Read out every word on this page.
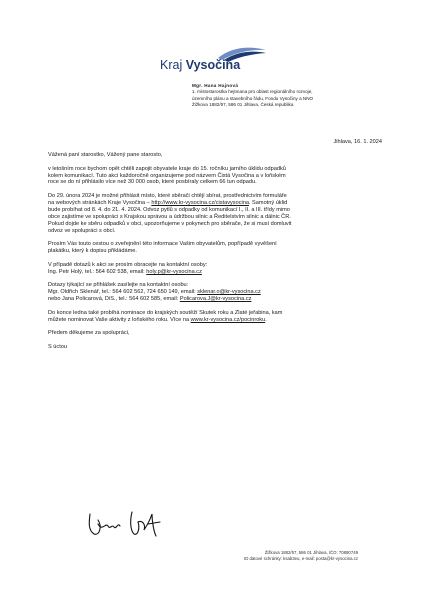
Kraj Vysočina
Mgr. Hana Hajnová
1. místostarostka hejtmana pro oblast regionálního rozvoje,
územního plánu a stavebního řádu, Fondu Vysočiny a NNO
Žižkova 1882/57, 586 01 Jihlava, Česká republika
Jihlava, 16. 1. 2024

Vážená paní starostko, Vážený pane starosto,

v letošním roce bychom opět chtěli zapojit obyvatele kraje do 15. ročníku jarního úklidu odpadků
kolem komunikací. Tuto akci každoročně organizujeme pod názvem Čistá Vysočina a v loňském
roce se do ní přihlásilo více než 30 000 osob, které posbíraly celkem 66 tun odpadu.

Do 29. února 2024 je možné přihlásit místo, které sběrači chtějí sbírat, prostřednictvím formuláře
na webových stránkách Kraje Vysočina – http://www.kr-vysocina.cz/cistavysocina. Samotný úklid
bude probíhat od 8. 4. do 21. 4. 2024. Odvoz pytlů s odpadky od komunikací I., II. a III. třídy mimo
obce zajistíme ve spolupráci s Krajskou správou a údržbou silnic a Ředitelstvím silnic a dálnic ČR.
Pokud dojde ke sběru odpadků v obci, upozorňujeme v pokynech pro sběrače, že si musí domluvit
odvoz ve spolupráci s obcí.

Prosím Vás touto cestou o zveřejnění této informace Vašim obyvatelům, popřípadě vyvěšení
plakátku, který k dopisu přikládáme.

V případě dotazů k akci se prosím obracejte na kontaktní osoby:
Ing. Petr Holý, tel.: 564 602 538, email: holy.p@kr-vysocina.cz

Dotazy týkající se přihlášek zasílejte na kontaktní osobu:
Mgr. Oldřich Sklenář, tel.: 564 602 562, 724 650 149, email: sklenar.o@kr-vysocina.cz
nebo Jana Policarová, DiS., tel.: 564 602 585, email: Policarova.J@kr-vysocina.cz

Do konce ledna také probíhá nominace do krajských soutěží Skutek roku a Zlaté jeřabina, kam
můžete nominovat Vaše aktivity z loňského roku. Více na www.kr-vysocina.cz/pocinroku.

Předem děkujeme za spolupráci,

S úctou

Žižkova 1882/57, 586 01 Jihlava, IČO: 70890749
ID datové schránky: ksab3eu, e-mail: posta@kr-vysocina.cz
